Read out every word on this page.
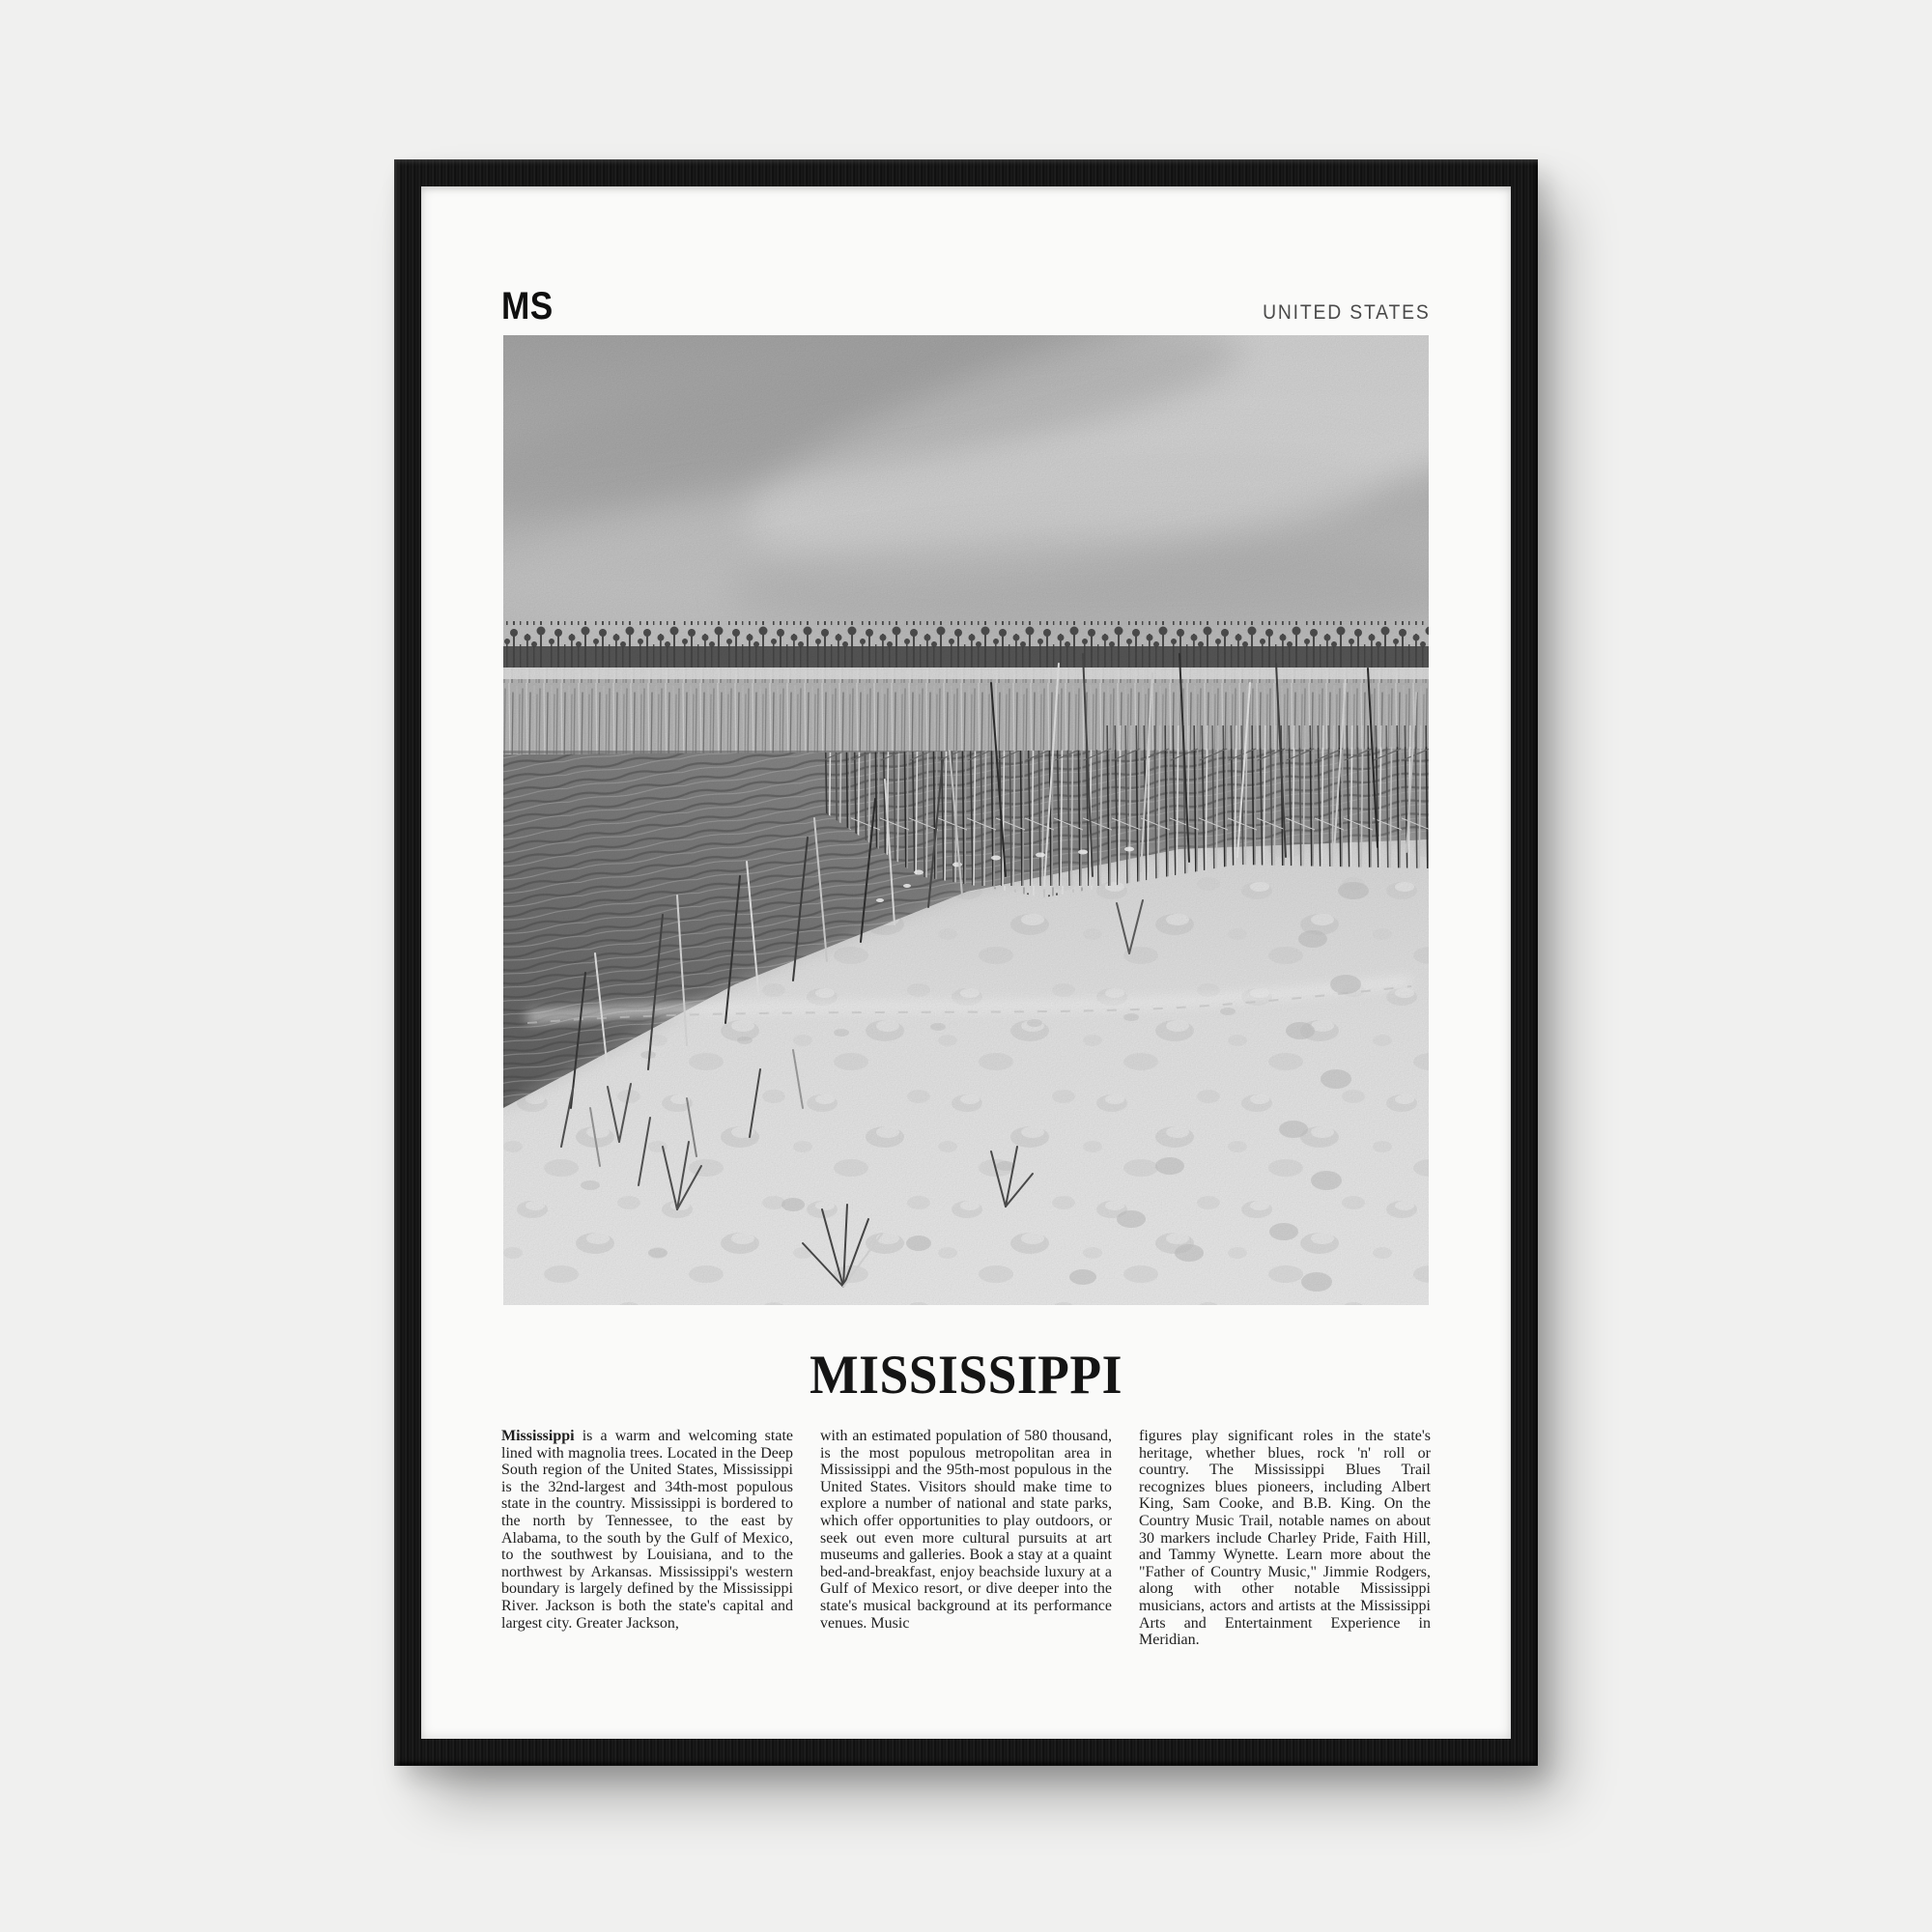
MS	UNITED STATES
MISSISSIPPI

Mississippi is a warm and welcoming state lined with magnolia trees. Located in the Deep South region of the United States, Mississippi is the 32nd-largest and 34th-most populous state in the country. Mississippi is bordered to the north by Tennessee, to the east by Alabama, to the south by the Gulf of Mexico, to the southwest by Louisiana, and to the northwest by Arkansas. Mississippi's western boundary is largely defined by the Mississippi River. Jackson is both the state's capital and largest city. Greater Jackson,

with an estimated population of 580 thousand, is the most populous metropolitan area in Mississippi and the 95th-most populous in the United States. Visitors should make time to explore a number of national and state parks, which offer opportunities to play outdoors, or seek out even more cultural pursuits at art museums and galleries. Book a stay at a quaint bed-and-breakfast, enjoy beachside luxury at a Gulf of Mexico resort, or dive deeper into the state's musical background at its performance venues. Music

figures play significant roles in the state's heritage, whether blues, rock 'n' roll or country. The Mississippi Blues Trail recognizes blues pioneers, including Albert King, Sam Cooke, and B.B. King. On the Country Music Trail, notable names on about 30 markers include Charley Pride, Faith Hill, and Tammy Wynette. Learn more about the "Father of Country Music," Jimmie Rodgers, along with other notable Mississippi musicians, actors and artists at the Mississippi Arts and Entertainment Experience in Meridian.
